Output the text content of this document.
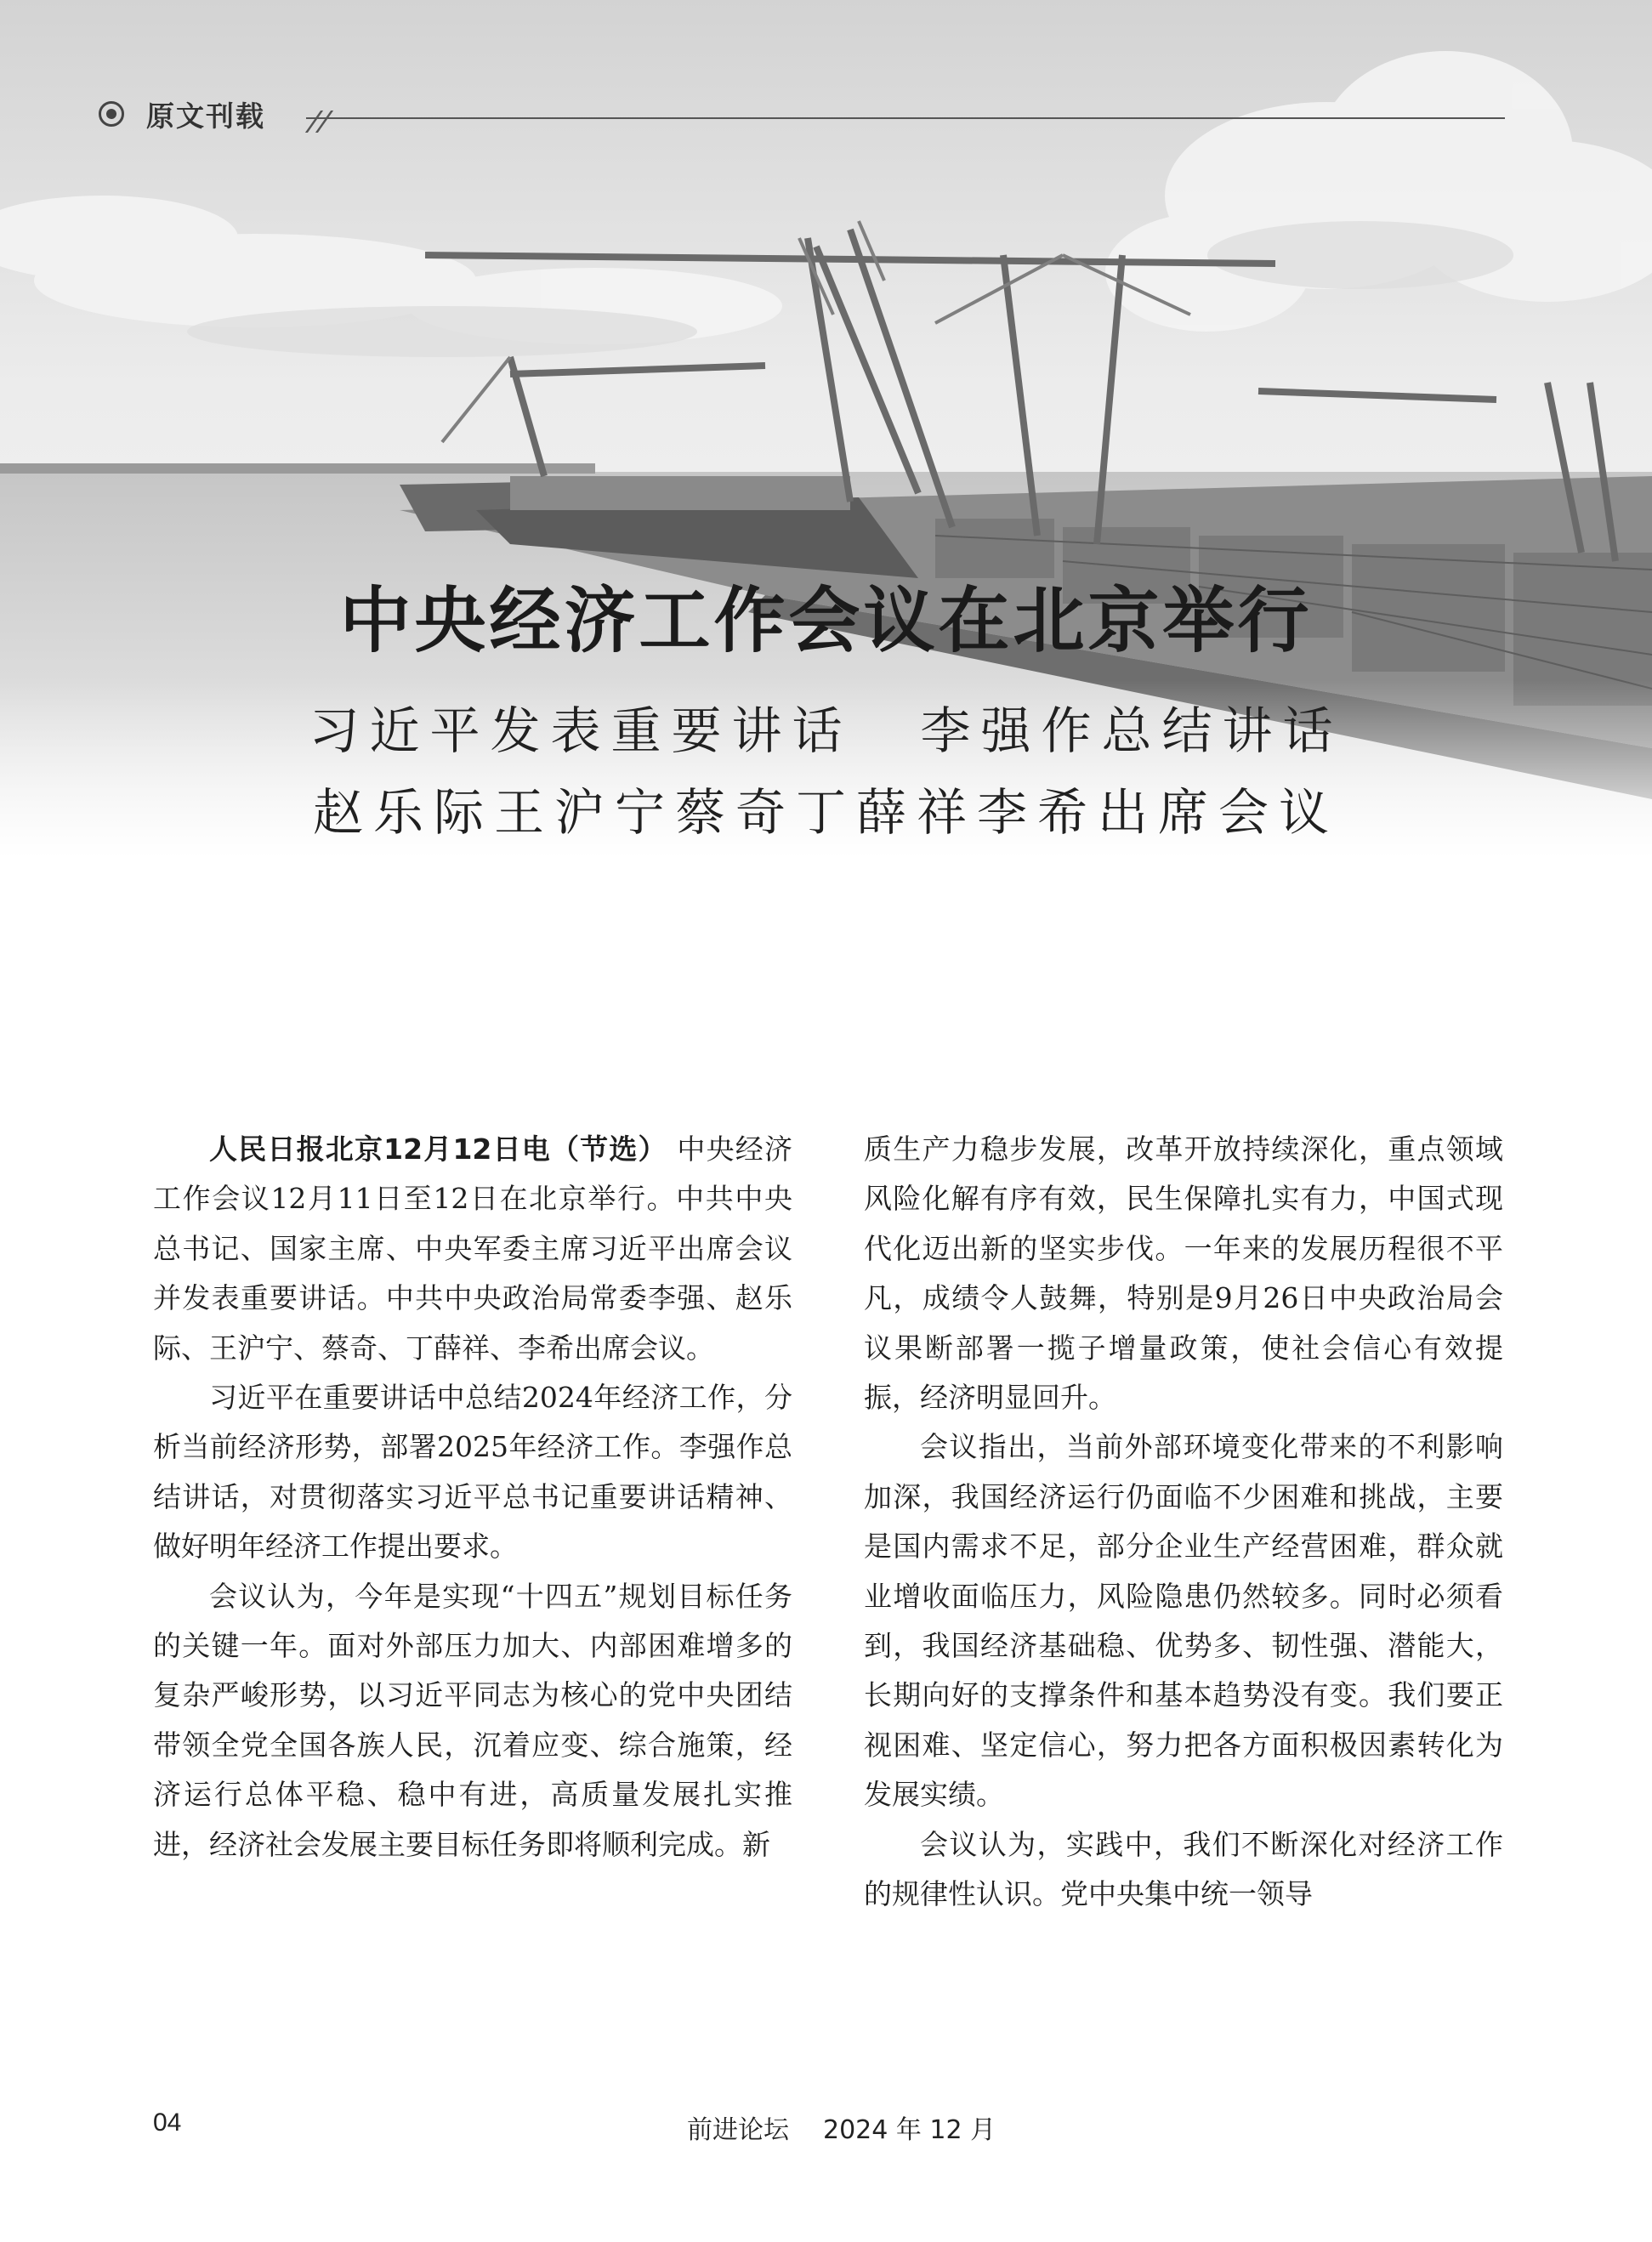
原文刊载
中央经济工作会议在北京举行
习近平发表重要讲话 李强作总结讲话
赵乐际王沪宁蔡奇丁薛祥李希出席会议

人民日报北京12月12日电（节选） 中央经济工作会议12月11日至12日在北京举行。中共中央总书记、国家主席、中央军委主席习近平出席会议并发表重要讲话。中共中央政治局常委李强、赵乐际、王沪宁、蔡奇、丁薛祥、李希出席会议。

习近平在重要讲话中总结2024年经济工作，分析当前经济形势，部署2025年经济工作。李强作总结讲话，对贯彻落实习近平总书记重要讲话精神、做好明年经济工作提出要求。

会议认为，今年是实现“十四五”规划目标任务的关键一年。面对外部压力加大、内部困难增多的复杂严峻形势，以习近平同志为核心的党中央团结带领全党全国各族人民，沉着应变、综合施策，经济运行总体平稳、稳中有进，高质量发展扎实推进，经济社会发展主要目标任务即将顺利完成。新

质生产力稳步发展，改革开放持续深化，重点领域风险化解有序有效，民生保障扎实有力，中国式现代化迈出新的坚实步伐。一年来的发展历程很不平凡，成绩令人鼓舞，特别是9月26日中央政治局会议果断部署一揽子增量政策，使社会信心有效提振，经济明显回升。

会议指出，当前外部环境变化带来的不利影响加深，我国经济运行仍面临不少困难和挑战，主要是国内需求不足，部分企业生产经营困难，群众就业增收面临压力，风险隐患仍然较多。同时必须看到，我国经济基础稳、优势多、韧性强、潜能大，长期向好的支撑条件和基本趋势没有变。我们要正视困难、坚定信心，努力把各方面积极因素转化为发展实绩。

会议认为，实践中，我们不断深化对经济工作的规律性认识。党中央集中统一领导

04	前进论坛 2024 年 12 月
